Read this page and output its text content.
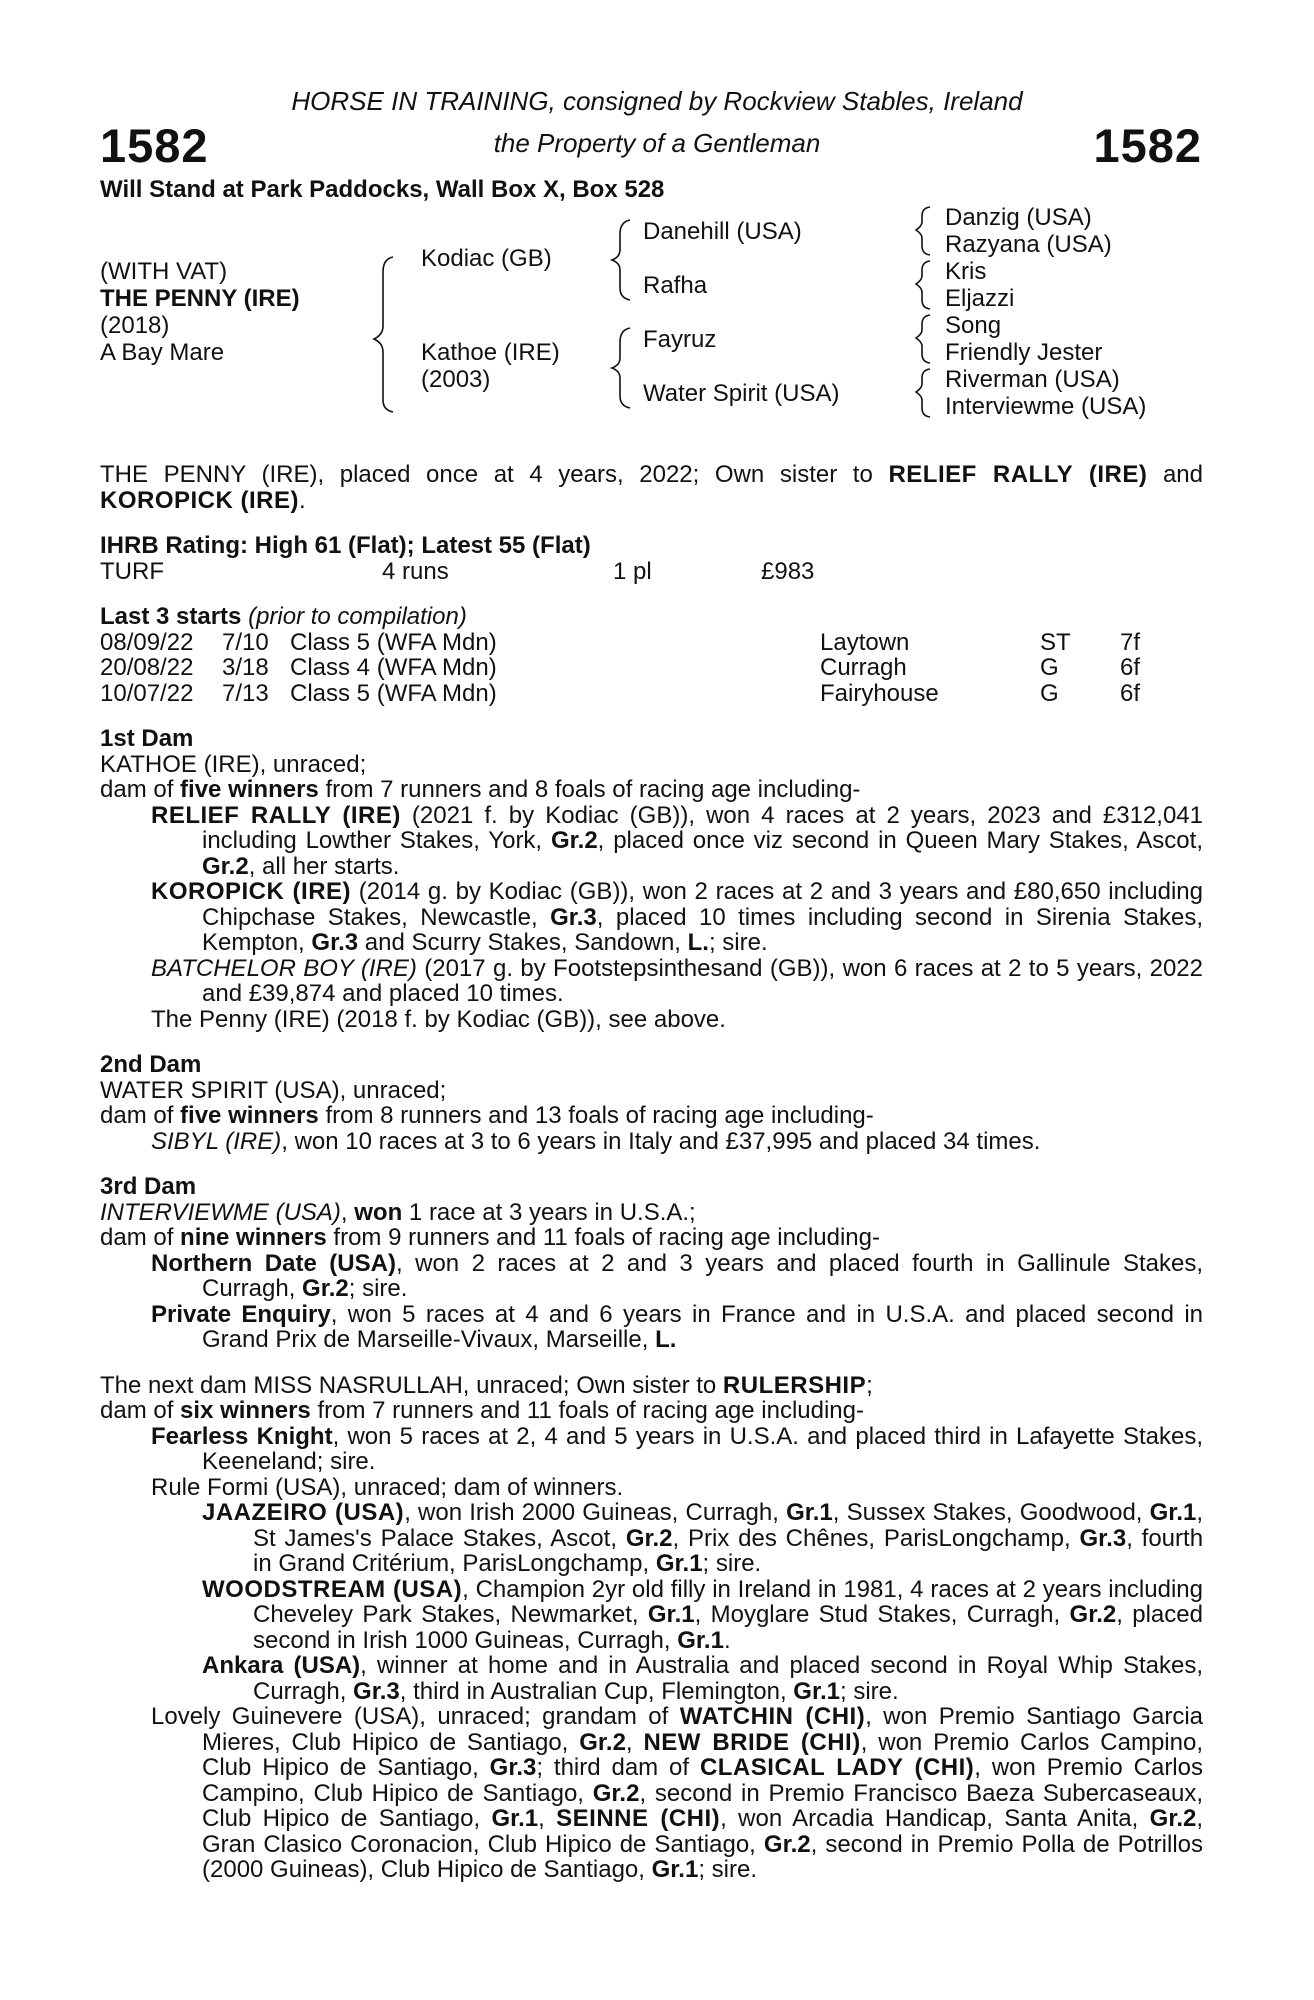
1582	1582
HORSE IN TRAINING, consigned by Rockview Stables, Ireland
the Property of a Gentleman
Will Stand at Park Paddocks, Wall Box X, Box 528
(WITH VAT)
THE PENNY (IRE)
(2018)
A Bay Mare
Kodiac (GB)
Kathoe (IRE)
(2003)
Danehill (USA)
Rafha
Fayruz
Water Spirit (USA)
Danzig (USA)
Razyana (USA)
Kris
Eljazzi
Song
Friendly Jester
Riverman (USA)
Interviewme (USA)

THE PENNY (IRE), placed once at 4 years, 2022; Own sister to RELIEF RALLY (IRE) and KOROPICK (IRE).

IHRB Rating: High 61 (Flat); Latest 55 (Flat)

TURF	4 runs	1 pl	£983

Last 3 starts (prior to compilation)

08/09/22 7/10 Class 5 (WFA Mdn)	Laytown	ST 7f
20/08/22 3/18 Class 4 (WFA Mdn)	Curragh	G	6f
10/07/22 7/13 Class 5 (WFA Mdn)	Fairyhouse	G	6f

1st Dam

KATHOE (IRE), unraced;

dam of five winners from 7 runners and 8 foals of racing age including-

RELIEF RALLY (IRE) (2021 f. by Kodiac (GB)), won 4 races at 2 years, 2023 and £312,041 including Lowther Stakes, York, Gr.2, placed once viz second in Queen Mary Stakes, Ascot, Gr.2, all her starts.

KOROPICK (IRE) (2014 g. by Kodiac (GB)), won 2 races at 2 and 3 years and £80,650 including Chipchase Stakes, Newcastle, Gr.3, placed 10 times including second in Sirenia Stakes, Kempton, Gr.3 and Scurry Stakes, Sandown, L.; sire.

BATCHELOR BOY (IRE) (2017 g. by Footstepsinthesand (GB)), won 6 races at 2 to 5 years, 2022 and £39,874 and placed 10 times.

The Penny (IRE) (2018 f. by Kodiac (GB)), see above.

2nd Dam

WATER SPIRIT (USA), unraced;

dam of five winners from 8 runners and 13 foals of racing age including-

SIBYL (IRE), won 10 races at 3 to 6 years in Italy and £37,995 and placed 34 times.

3rd Dam

INTERVIEWME (USA), won 1 race at 3 years in U.S.A.;

dam of nine winners from 9 runners and 11 foals of racing age including-

Northern Date (USA), won 2 races at 2 and 3 years and placed fourth in Gallinule Stakes, Curragh, Gr.2; sire.

Private Enquiry, won 5 races at 4 and 6 years in France and in U.S.A. and placed second in Grand Prix de Marseille-Vivaux, Marseille, L.

The next dam MISS NASRULLAH, unraced; Own sister to RULERSHIP;

dam of six winners from 7 runners and 11 foals of racing age including-

Fearless Knight, won 5 races at 2, 4 and 5 years in U.S.A. and placed third in Lafayette Stakes, Keeneland; sire.

Rule Formi (USA), unraced; dam of winners.

JAAZEIRO (USA), won Irish 2000 Guineas, Curragh, Gr.1, Sussex Stakes, Goodwood, Gr.1, St James's Palace Stakes, Ascot, Gr.2, Prix des Chênes, ParisLongchamp, Gr.3, fourth in Grand Critérium, ParisLongchamp, Gr.1; sire.

WOODSTREAM (USA), Champion 2yr old filly in Ireland in 1981, 4 races at 2 years including Cheveley Park Stakes, Newmarket, Gr.1, Moyglare Stud Stakes, Curragh, Gr.2, placed second in Irish 1000 Guineas, Curragh, Gr.1.

Ankara (USA), winner at home and in Australia and placed second in Royal Whip Stakes, Curragh, Gr.3, third in Australian Cup, Flemington, Gr.1; sire.

Lovely Guinevere (USA), unraced; grandam of WATCHIN (CHI), won Premio Santiago Garcia Mieres, Club Hipico de Santiago, Gr.2, NEW BRIDE (CHI), won Premio Carlos Campino, Club Hipico de Santiago, Gr.3; third dam of CLASICAL LADY (CHI), won Premio Carlos Campino, Club Hipico de Santiago, Gr.2, second in Premio Francisco Baeza Subercaseaux, Club Hipico de Santiago, Gr.1, SEINNE (CHI), won Arcadia Handicap, Santa Anita, Gr.2, Gran Clasico Coronacion, Club Hipico de Santiago, Gr.2, second in Premio Polla de Potrillos (2000 Guineas), Club Hipico de Santiago, Gr.1; sire.
